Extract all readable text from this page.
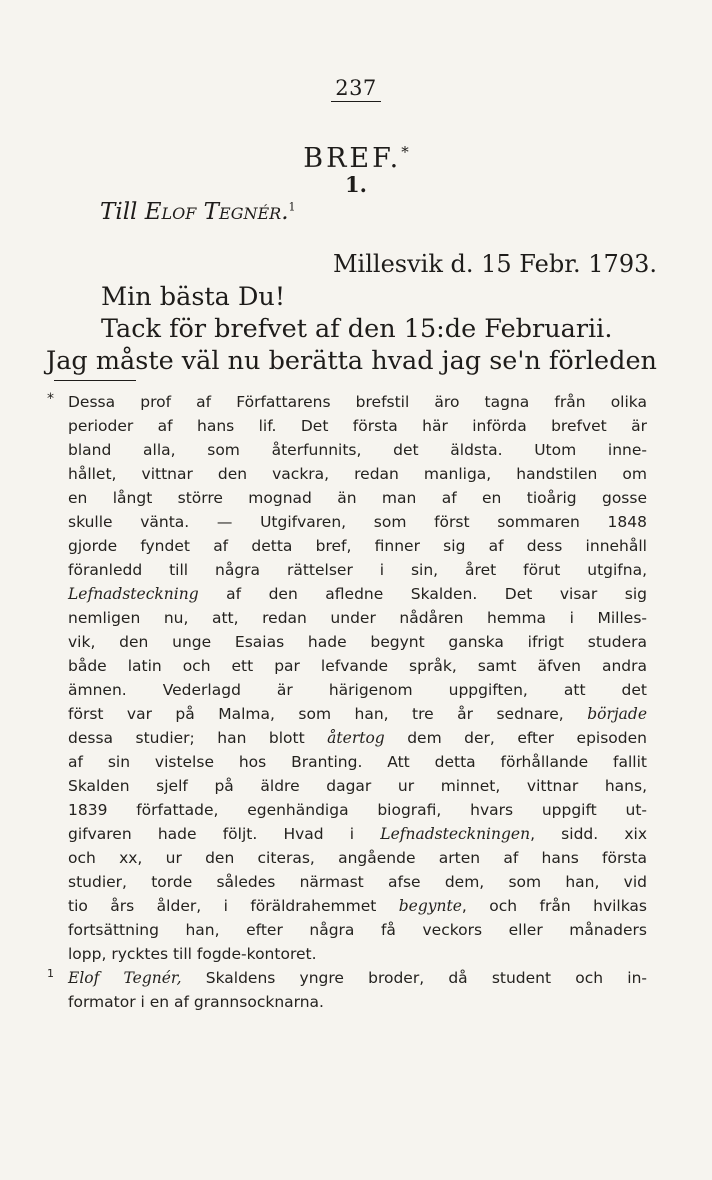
237
BREF.*
1.
Till Elof Tegnér.$^1$
Millesvik d. 15 Febr. 1793.
Min bästa Du!
Tack för brefvet af den 15:de Februarii.
Jag måste väl nu berätta hvad jag se'n förleden
* Dessa prof af Författarens brefstil äro tagna från olika
perioder af hans lif. Det första här införda brefvet är
bland alla, som återfunnits, det äldsta. Utom inne-
hållet, vittnar den vackra, redan manliga, handstilen om
en långt större mognad än man af en tioårig gosse
skulle vänta. — Utgifvaren, som först sommaren 1848
gjorde fyndet af detta bref, finner sig af dess innehåll
föranledd till några rättelser i sin, året förut utgifna,
Lefnadsteckning af den afledne Skalden. Det visar sig
nemligen nu, att, redan under nådåren hemma i Milles-
vik, den unge Esaias hade begynt ganska ifrigt studera
både latin och ett par lefvande språk, samt äfven andra
ämnen. Vederlagd är härigenom uppgiften, att det
först var på Malma, som han, tre år sednare, började
dessa studier; han blott återtog dem der, efter episoden
af sin vistelse hos Branting. Att detta förhållande fallit
Skalden sjelf på äldre dagar ur minnet, vittnar hans,
1839 författade, egenhändiga biografi, hvars uppgift ut-
gifvaren hade följt. Hvad i Lefnadsteckningen, sidd. xix
och xx, ur den citeras, angående arten af hans första
studier, torde således närmast afse dem, som han, vid
tio års ålder, i föräldrahemmet begynte, och från hvilkas
fortsättning han, efter några få veckors eller månaders
lopp, rycktes till fogde-kontoret.
1 Elof Tegnér, Skaldens yngre broder, då student och in-
formator i en af grannsocknarna.
